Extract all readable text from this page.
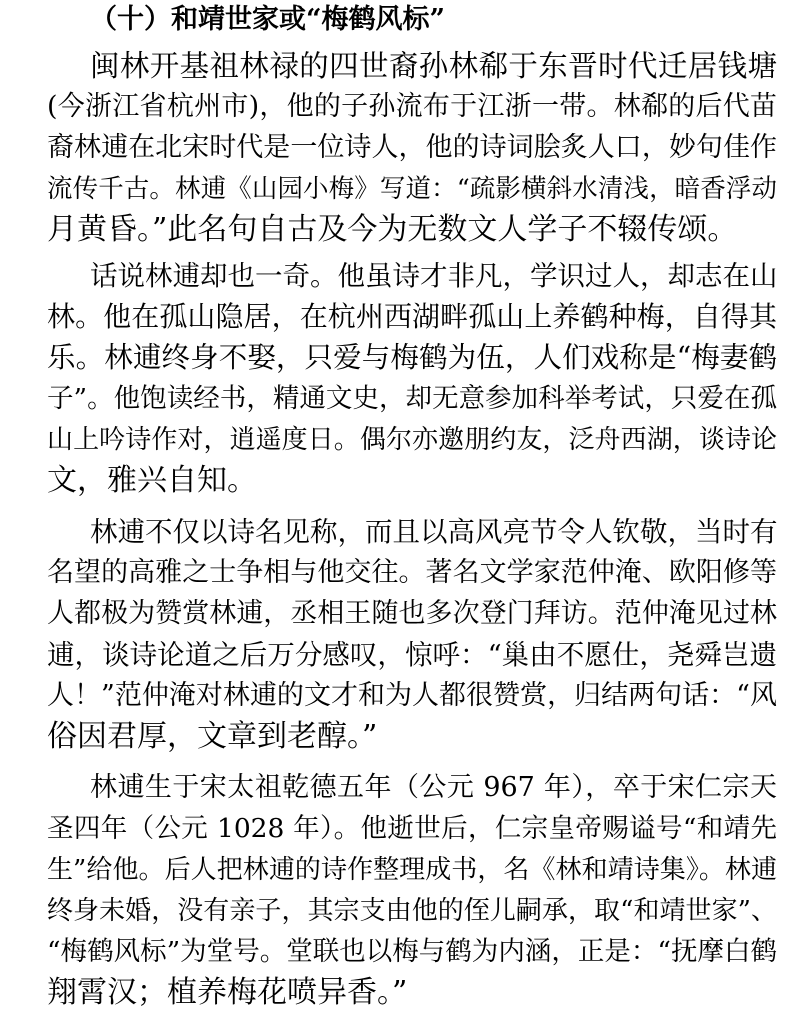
（十）和靖世家或“梅鹤风标”
闽林开基祖林禄的四世裔孙林郗于东晋时代迁居钱塘
(今浙江省杭州市)，他的子孙流布于江浙一带。林郗的后代苗
裔林逋在北宋时代是一位诗人，他的诗词脍炙人口，妙句佳作
流传千古。林逋《山园小梅》写道：“疏影横斜水清浅，暗香浮动
月黄昏。”此名句自古及今为无数文人学子不辍传颂。
话说林逋却也一奇。他虽诗才非凡，学识过人，却志在山
林。他在孤山隐居，在杭州西湖畔孤山上养鹤种梅，自得其
乐。林逋终身不娶，只爱与梅鹤为伍，人们戏称是“梅妻鹤
子”。他饱读经书，精通文史，却无意参加科举考试，只爱在孤
山上吟诗作对，逍遥度日。偶尔亦邀朋约友，泛舟西湖，谈诗论
文，雅兴自知。
林逋不仅以诗名见称，而且以高风亮节令人钦敬，当时有
名望的高雅之士争相与他交往。著名文学家范仲淹、欧阳修等
人都极为赞赏林逋，丞相王随也多次登门拜访。范仲淹见过林
逋，谈诗论道之后万分感叹，惊呼：“巢由不愿仕，尧舜岂遗
人！”范仲淹对林逋的文才和为人都很赞赏，归结两句话：“风
俗因君厚，文章到老醇。”
林逋生于宋太祖乾德五年（公元 967 年），卒于宋仁宗天
圣四年（公元 1028 年）。他逝世后，仁宗皇帝赐谥号“和靖先
生”给他。后人把林逋的诗作整理成书，名《林和靖诗集》。林逋
终身未婚，没有亲子，其宗支由他的侄儿嗣承，取“和靖世家”、
“梅鹤风标”为堂号。堂联也以梅与鹤为内涵，正是：“抚摩白鹤
翔霄汉；植养梅花喷异香。”
